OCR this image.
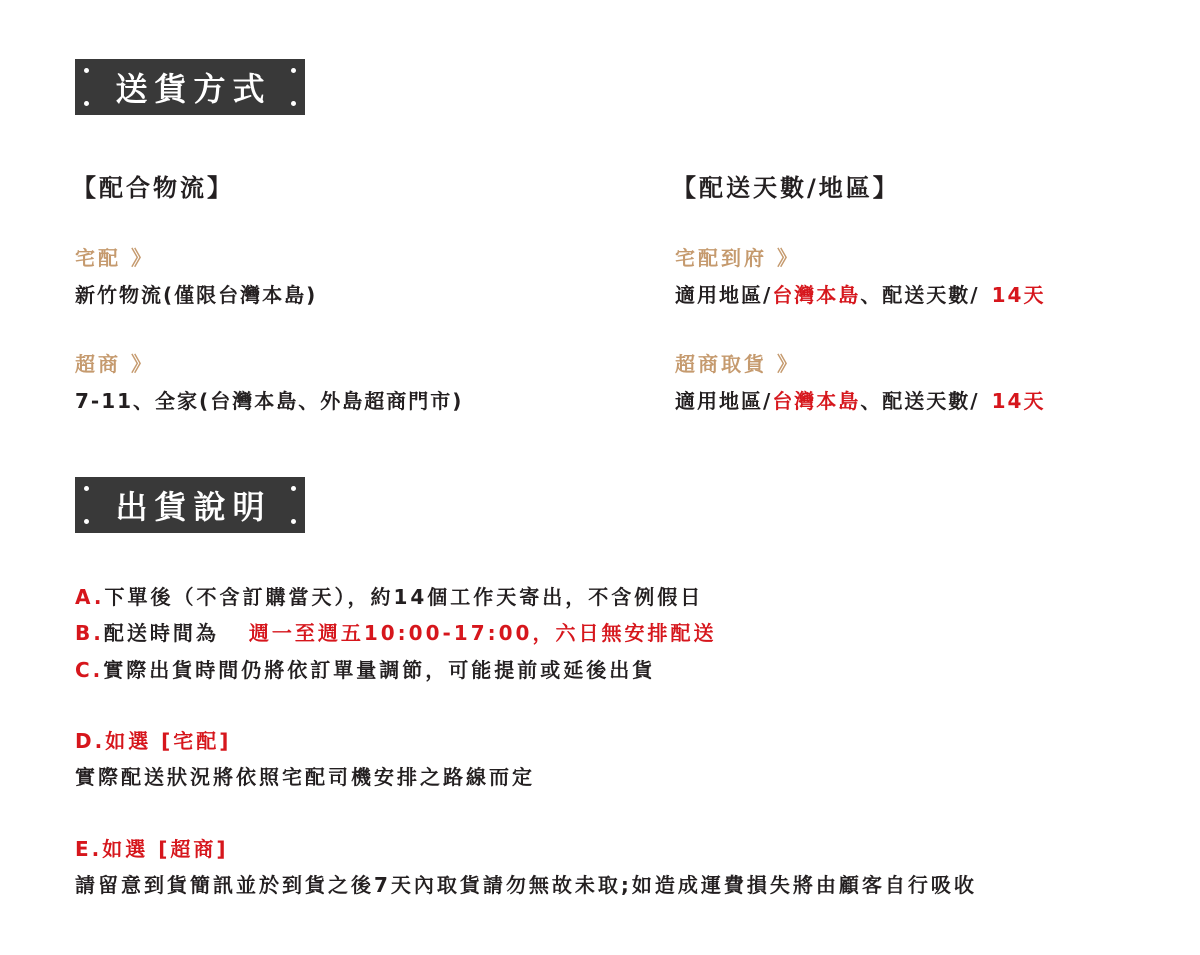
送貨方式
【配合物流】
宅配 》
新竹物流(僅限台灣本島)
超商 》
7-11、全家(台灣本島、外島超商門市)
【配送天數/地區】
宅配到府 》
適用地區/台灣本島、配送天數/ 14天
超商取貨 》
適用地區/台灣本島、配送天數/ 14天
出貨說明
A.下單後（不含訂購當天），約14個工作天寄出，不含例假日
B.配送時間為 週一至週五10:00-17:00，六日無安排配送
C.實際出貨時間仍將依訂單量調節，可能提前或延後出貨
D.如選 [宅配]
實際配送狀況將依照宅配司機安排之路線而定
E.如選 [超商]
請留意到貨簡訊並於到貨之後7天內取貨請勿無故未取;如造成運費損失將由顧客自行吸收
